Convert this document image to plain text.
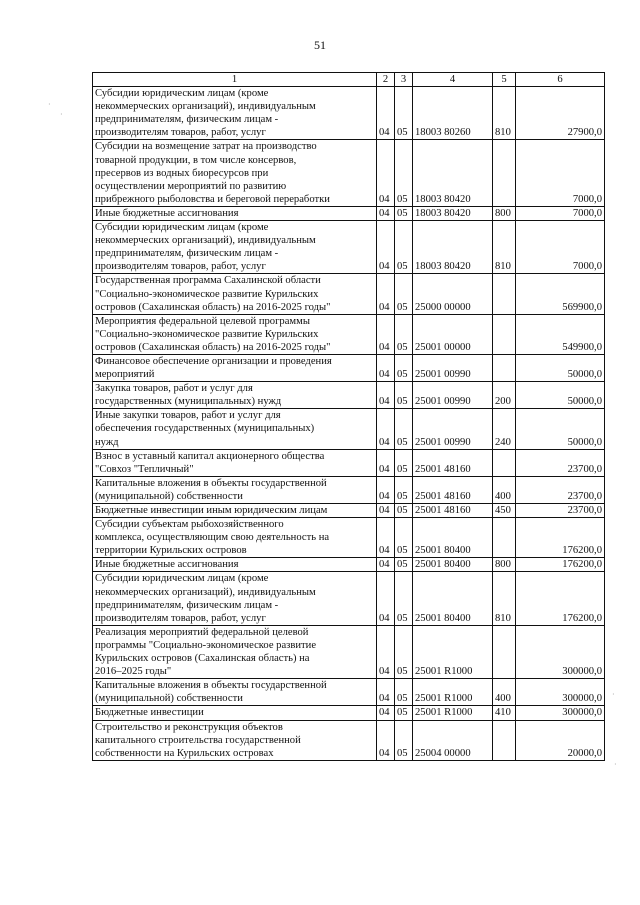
51
1	2	3	4	5	6
Субсидии юридическим лицам (кроме
некоммерческих организаций), индивидуальным
предпринимателям, физическим лицам -
производителям товаров, работ, услуг	04	05	18003 80260	810	27900,0
Субсидии на возмещение затрат на производство
товарной продукции, в том числе консервов,
пресервов из водных биоресурсов при
осуществлении мероприятий по развитию
прибрежного рыболовства и береговой переработки	04	05	18003 80420		7000,0
Иные бюджетные ассигнования	04	05	18003 80420	800	7000,0
Субсидии юридическим лицам (кроме
некоммерческих организаций), индивидуальным
предпринимателям, физическим лицам -
производителям товаров, работ, услуг	04	05	18003 80420	810	7000,0
Государственная программа Сахалинской области
"Социально-экономическое развитие Курильских
островов (Сахалинская область) на 2016-2025 годы"	04	05	25000 00000		569900,0
Мероприятия федеральной целевой программы
"Социально-экономическое развитие Курильских
островов (Сахалинская область) на 2016-2025 годы"	04	05	25001 00000		549900,0
Финансовое обеспечение организации и проведения
мероприятий	04	05	25001 00990		50000,0
Закупка товаров, работ и услуг для
государственных (муниципальных) нужд	04	05	25001 00990	200	50000,0
Иные закупки товаров, работ и услуг для
обеспечения государственных (муниципальных)
нужд	04	05	25001 00990	240	50000,0
Взнос в уставный капитал акционерного общества
"Совхоз "Тепличный"	04	05	25001 48160		23700,0
Капитальные вложения в объекты государственной
(муниципальной) собственности	04	05	25001 48160	400	23700,0
Бюджетные инвестиции иным юридическим лицам	04	05	25001 48160	450	23700,0
Субсидии субъектам рыбохозяйственного
комплекса, осуществляющим свою деятельность на
территории Курильских островов	04	05	25001 80400		176200,0
Иные бюджетные ассигнования	04	05	25001 80400	800	176200,0
Субсидии юридическим лицам (кроме
некоммерческих организаций), индивидуальным
предпринимателям, физическим лицам -
производителям товаров, работ, услуг	04	05	25001 80400	810	176200,0
Реализация мероприятий федеральной целевой
программы "Социально-экономическое развитие
Курильских островов (Сахалинская область) на
2016–2025 годы"	04	05	25001 R1000		300000,0
Капитальные вложения в объекты государственной
(муниципальной) собственности	04	05	25001 R1000	400	300000,0
Бюджетные инвестиции	04	05	25001 R1000	410	300000,0
Строительство и реконструкция объектов
капитального строительства государственной
собственности на Курильских островах	04	05	25004 00000		20000,0
·
·
·
·
